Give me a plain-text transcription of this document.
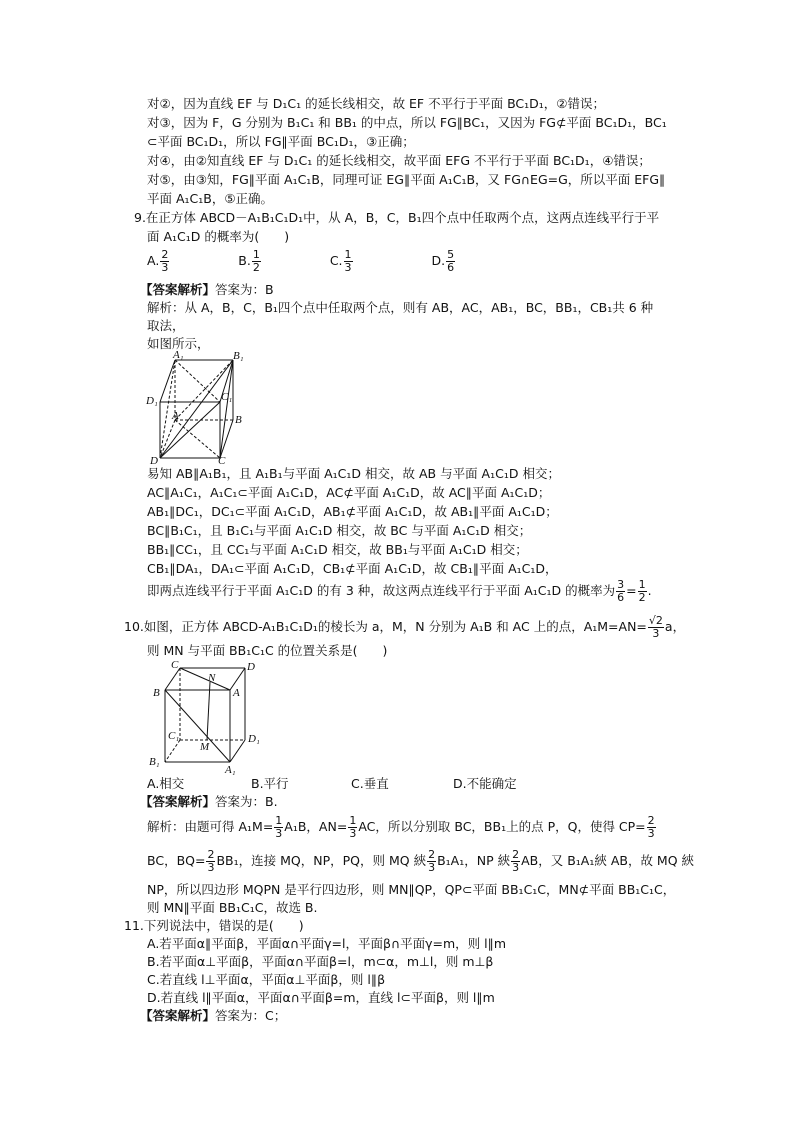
对②，因为直线 EF 与 D₁C₁ 的延长线相交，故 EF 不平行于平面 BC₁D₁，②错误；
对③，因为 F，G 分别为 B₁C₁ 和 BB₁ 的中点，所以 FG∥BC₁，又因为 FG⊄平面 BC₁D₁，BC₁
⊂平面 BC₁D₁，所以 FG∥平面 BC₁D₁，③正确；
对④，由②知直线 EF 与 D₁C₁ 的延长线相交，故平面 EFG 不平行于平面 BC₁D₁，④错误；
对⑤，由③知，FG∥平面 A₁C₁B，同理可证 EG∥平面 A₁C₁B，又 FG∩EG=G，所以平面 EFG∥
平面 A₁C₁B，⑤正确。
9.在正方体 ABCD－A₁B₁C₁D₁中，从 A，B，C，B₁四个点中任取两个点，这两点连线平行于平
面 A₁C₁D 的概率为(　　)
A. $\frac{2}{3}$	B. $\frac{1}{2}$	C. $\frac{1}{3}$	D. $\frac{5}{6}$
【答案解析】答案为：B
解析：从 A，B，C，B₁四个点中任取两个点，则有 AB，AC，AB₁，BC，BB₁，CB₁共 6 种
取法，
如图所示，
A₁	B₁
D₁	C₁
A	B
D	C
易知 AB∥A₁B₁，且 A₁B₁与平面 A₁C₁D 相交，故 AB 与平面 A₁C₁D 相交；
AC∥A₁C₁，A₁C₁⊂平面 A₁C₁D，AC⊄平面 A₁C₁D，故 AC∥平面 A₁C₁D；
AB₁∥DC₁，DC₁⊂平面 A₁C₁D，AB₁⊄平面 A₁C₁D，故 AB₁∥平面 A₁C₁D；
BC∥B₁C₁，且 B₁C₁与平面 A₁C₁D 相交，故 BC 与平面 A₁C₁D 相交；
BB₁∥CC₁，且 CC₁与平面 A₁C₁D 相交，故 BB₁与平面 A₁C₁D 相交；
CB₁∥DA₁，DA₁⊂平面 A₁C₁D，CB₁⊄平面 A₁C₁D，故 CB₁∥平面 A₁C₁D，
即两点连线平行于平面 A₁C₁D 的有 3 种，故这两点连线平行于平面 A₁C₁D 的概率为 $\frac{3}{6} = \frac{1}{2}$ .
10.如图，正方体 ABCD-A₁B₁C₁D₁的棱长为 a，M，N 分别为 A₁B 和 AC 上的点，$A_1M=AN= \frac{√2}{3}$ a，
则 MN 与平面 BB₁C₁C 的位置关系是(　　)
C	D
B
N
A
C₁
M
D₁
B₁
A₁
A.相交	B.平行	C.垂直	D.不能确定
【答案解析】答案为：B.
解析：由题可得 $A_1M= \frac{1}{3} A_1B$，$AN= \frac{1}{3}$ AC，所以分别取 BC，BB₁上的点 P，Q，使得 $CP= \frac{2}{3}$
BC，$BQ= \frac{2}{3} BB_1$，连接 MQ，NP，PQ，则 MQ 綊 $\frac{2}{3} B_1A_1$，NP 綊 $\frac{2}{3}$ AB，又 B₁A₁綊 AB，故 MQ 綊
NP，所以四边形 MQPN 是平行四边形，则 MN∥QP，QP⊂平面 BB₁C₁C，MN⊄平面 BB₁C₁C，
则 MN∥平面 BB₁C₁C，故选 B.
11.下列说法中，错误的是(　　)
A.若平面α∥平面β，平面α∩平面γ=l，平面β∩平面γ=m，则 l∥m
B.若平面α⊥平面β，平面α∩平面β=l，m⊂α，m⊥l，则 m⊥β
C.若直线 l⊥平面α，平面α⊥平面β，则 l∥β
D.若直线 l∥平面α，平面α∩平面β=m，直线 l⊂平面β，则 l∥m
【答案解析】答案为：C；
